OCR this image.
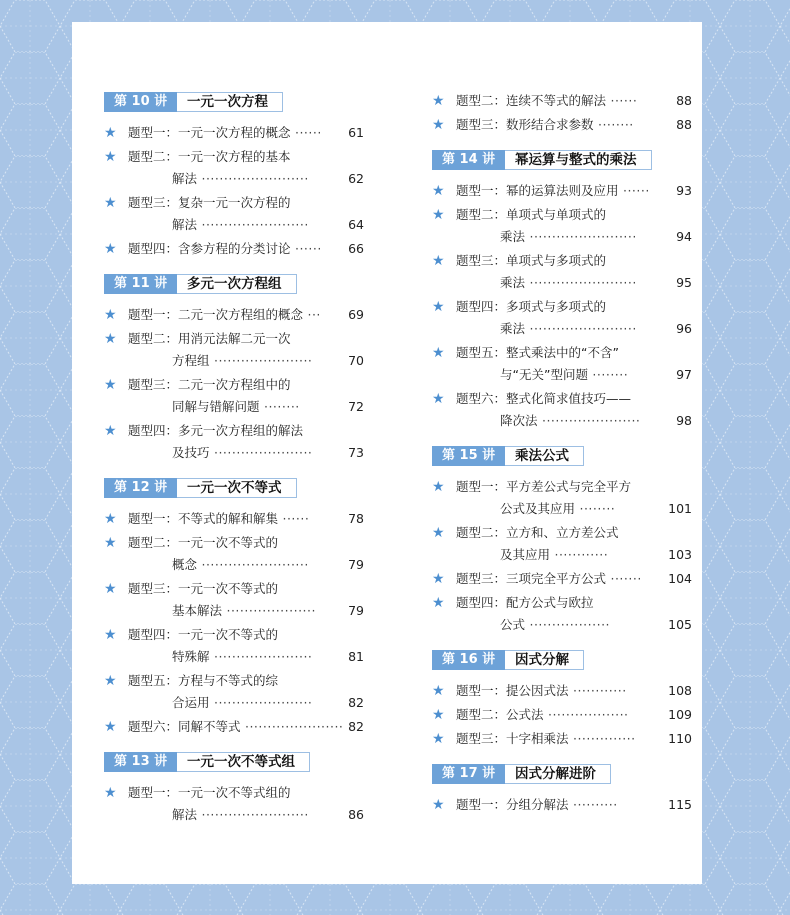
第 10 讲	一元一次方程
★ 题型一：一元一次方程的概念 ······ 61
★ 题型二：一元一次方程的基本
解法 ························	62
★ 题型三：复杂一元一次方程的
解法 ························	64
★ 题型四：含参方程的分类讨论 ······ 66
第 11 讲	多元一次方程组
★ 题型一：二元一次方程组的概念 ··· 69
★ 题型二：用消元法解二元一次
方程组 ······················	70
★ 题型三：二元一次方程组中的
同解与错解问题 ········	72
★ 题型四：多元一次方程组的解法
及技巧 ······················	73
第 12 讲	一元一次不等式
★ 题型一：不等式的解和解集 ······	78
★ 题型二：一元一次不等式的
概念 ························	79
★ 题型三：一元一次不等式的
基本解法 ····················	79
★ 题型四：一元一次不等式的
特殊解 ······················	81
★ 题型五：方程与不等式的综
合运用 ······················	82
★ 题型六：同解不等式 ······················ 82
第 13 讲	一元一次不等式组
★ 题型一：一元一次不等式组的
解法 ························	86
★ 题型二：连续不等式的解法 ······	88
★ 题型三：数形结合求参数 ········	88
第 14 讲	幂运算与整式的乘法
★ 题型一：幂的运算法则及应用 ······ 93
★ 题型二：单项式与单项式的
乘法 ························	94
★ 题型三：单项式与多项式的
乘法 ························	95
★ 题型四：多项式与多项式的
乘法 ························	96
★ 题型五：整式乘法中的“不含”
与“无关”型问题 ········	97
★ 题型六：整式化简求值技巧——
降次法 ······················	98
第 15 讲	乘法公式
★ 题型一：平方差公式与完全平方
公式及其应用 ········	101
★ 题型二：立方和、立方差公式
及其应用 ············	103
★ 题型三：三项完全平方公式 ······· 104
★ 题型四：配方公式与欧拉
公式 ··················	105
第 16 讲	因式分解
★ 题型一：提公因式法 ············	108
★ 题型二：公式法 ··················	109
★ 题型三：十字相乘法 ··············	110
第 17 讲	因式分解进阶
★ 题型一：分组分解法 ··········	115
